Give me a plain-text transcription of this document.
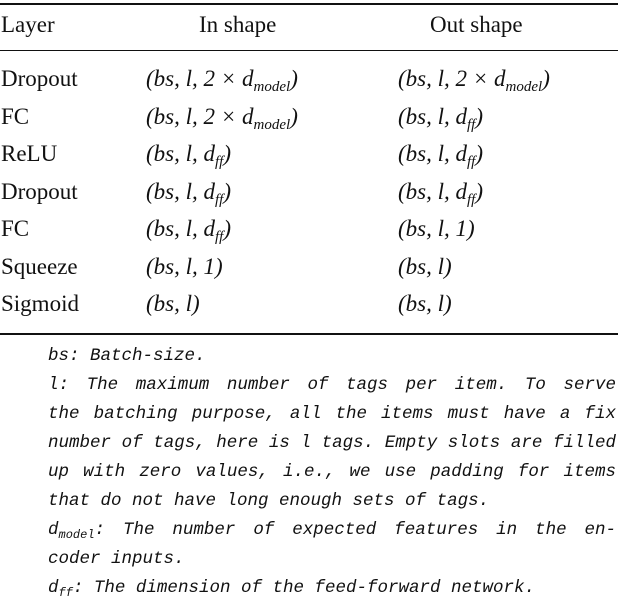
Layer	In shape	Out shape
Dropout	(bs, l, $2 \times d_{model}$)	(bs, l, $2 \times d_{model}$)
FC	(bs, l, $2 \times d_{model}$)	(bs, l, $d_{ff}$)
ReLU	(bs, l, $d_{ff}$)	(bs, l, $d_{ff}$)
Dropout	(bs, l, $d_{ff}$)	(bs, l, $d_{ff}$)
FC	(bs, l, $d_{ff}$)	(bs, l, 1)
Squeeze	(bs, l, 1)	(bs, l)
Sigmoid	(bs, l)	(bs, l)
bs: Batch-size.
l: The maximum number of tags per item. To serve
the batching purpose, all the items must have a fix
number of tags, here is l tags. Empty slots are filled
up with zero values, i.e., we use padding for items
that do not have long enough sets of tags.
$d_{model}$: The number of expected features in the en-
coder inputs.
$d_{ff}$: The dimension of the feed-forward network.
